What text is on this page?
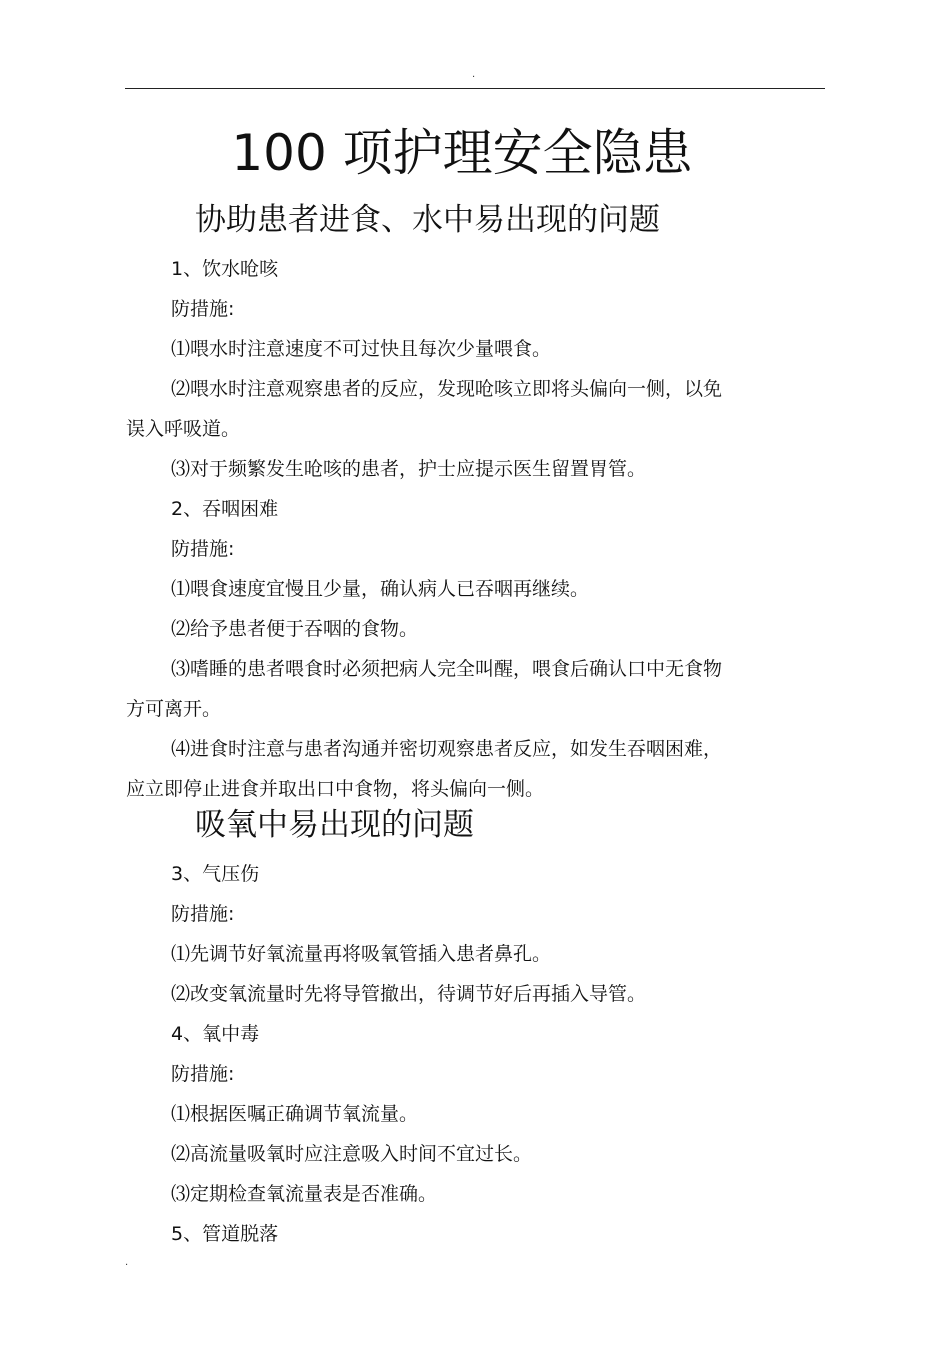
.
100 项护理安全隐患
协助患者进食、水中易出现的问题
1、饮水呛咳
防措施:
⑴喂水时注意速度不可过快且每次少量喂食。
⑵喂水时注意观察患者的反应，发现呛咳立即将头偏向一侧，以免
误入呼吸道。
⑶对于频繁发生呛咳的患者，护士应提示医生留置胃管。
2、吞咽困难
防措施:
⑴喂食速度宜慢且少量，确认病人已吞咽再继续。
⑵给予患者便于吞咽的食物。
⑶嗜睡的患者喂食时必须把病人完全叫醒，喂食后确认口中无食物
方可离开。
⑷进食时注意与患者沟通并密切观察患者反应，如发生吞咽困难，
应立即停止进食并取出口中食物，将头偏向一侧。
吸氧中易出现的问题
3、气压伤
防措施:
⑴先调节好氧流量再将吸氧管插入患者鼻孔。
⑵改变氧流量时先将导管撤出，待调节好后再插入导管。
4、氧中毒
防措施:
⑴根据医嘱正确调节氧流量。
⑵高流量吸氧时应注意吸入时间不宜过长。
⑶定期检查氧流量表是否准确。
5、管道脱落
.
